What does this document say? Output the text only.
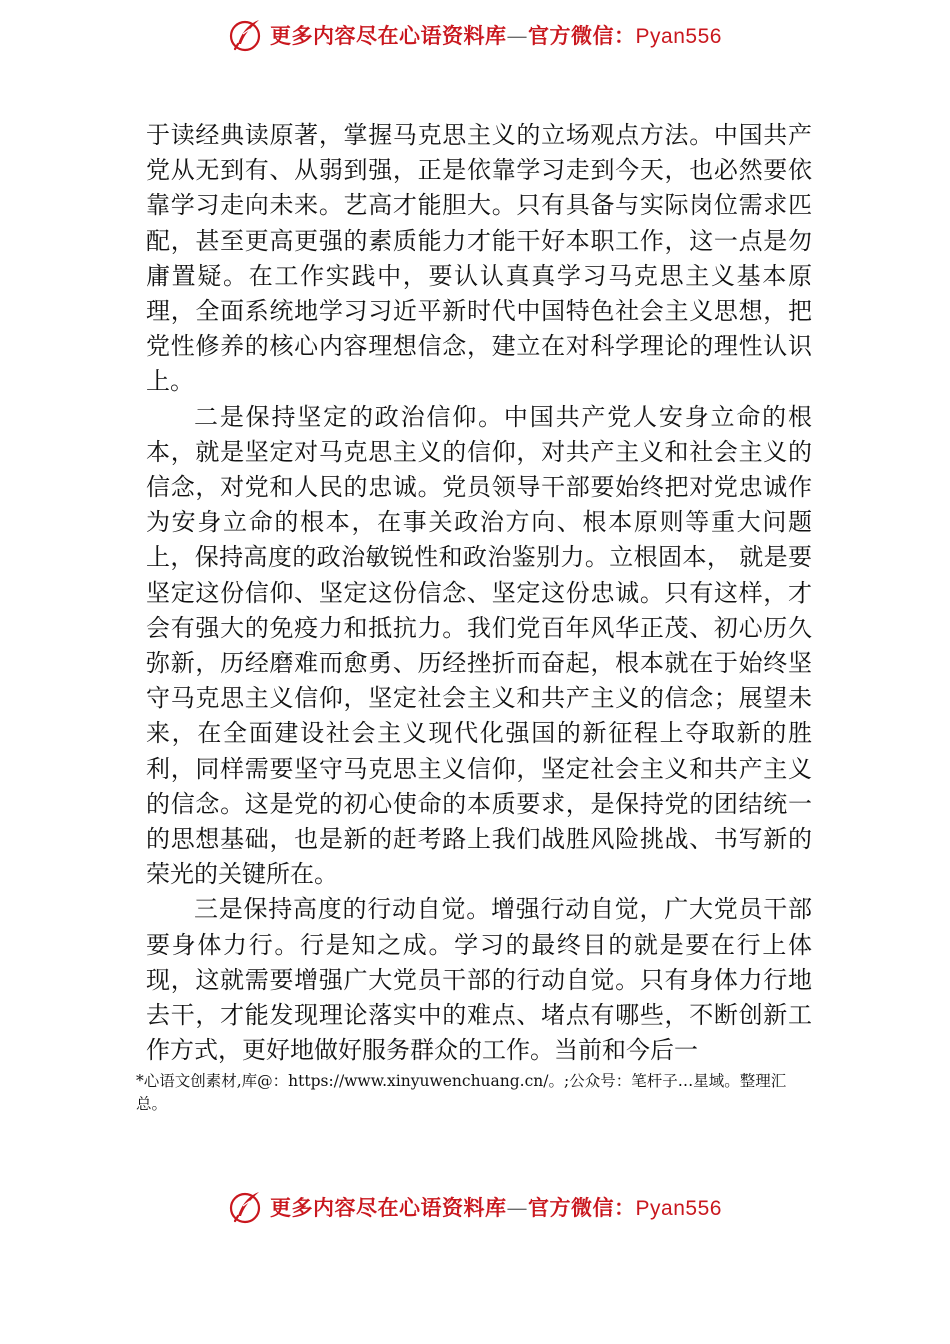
更多内容尽在心语资料库—官方微信：Pyan556

于读经典读原著，掌握马克思主义的立场观点方法。中国共产党从无到有、从弱到强，正是依靠学习走到今天，也必然要依靠学习走向未来。艺高才能胆大。只有具备与实际岗位需求匹配，甚至更高更强的素质能力才能干好本职工作，这一点是勿庸置疑。在工作实践中，要认认真真学习马克思主义基本原理，全面系统地学习习近平新时代中国特色社会主义思想，把党性修养的核心内容理想信念，建立在对科学理论的理性认识上。

二是保持坚定的政治信仰。中国共产党人安身立命的根本，就是坚定对马克思主义的信仰，对共产主义和社会主义的信念，对党和人民的忠诚。党员领导干部要始终把对党忠诚作为安身立命的根本，在事关政治方向、根本原则等重大问题上，保持高度的政治敏锐性和政治鉴别力。立根固本， 就是要坚定这份信仰、坚定这份信念、坚定这份忠诚。只有这样，才会有强大的免疫力和抵抗力。我们党百年风华正茂、初心历久弥新，历经磨难而愈勇、历经挫折而奋起，根本就在于始终坚守马克思主义信仰，坚定社会主义和共产主义的信念；展望未来，在全面建设社会主义现代化强国的新征程上夺取新的胜利，同样需要坚守马克思主义信仰，坚定社会主义和共产主义的信念。这是党的初心使命的本质要求，是保持党的团结统一的思想基础，也是新的赶考路上我们战胜风险挑战、书写新的荣光的关键所在。

三是保持高度的行动自觉。增强行动自觉，广大党员干部要身体力行。行是知之成。学习的最终目的就是要在行上体现，这就需要增强广大党员干部的行动自觉。只有身体力行地去干，才能发现理论落实中的难点、堵点有哪些，不断创新工作方式，更好地做好服务群众的工作。当前和今后一

*心语文创素材,库@：https://www.xinyuwenchuang.cn/。;公众号：笔杆子…星域。整理汇总。
更多内容尽在心语资料库—官方微信：Pyan556
